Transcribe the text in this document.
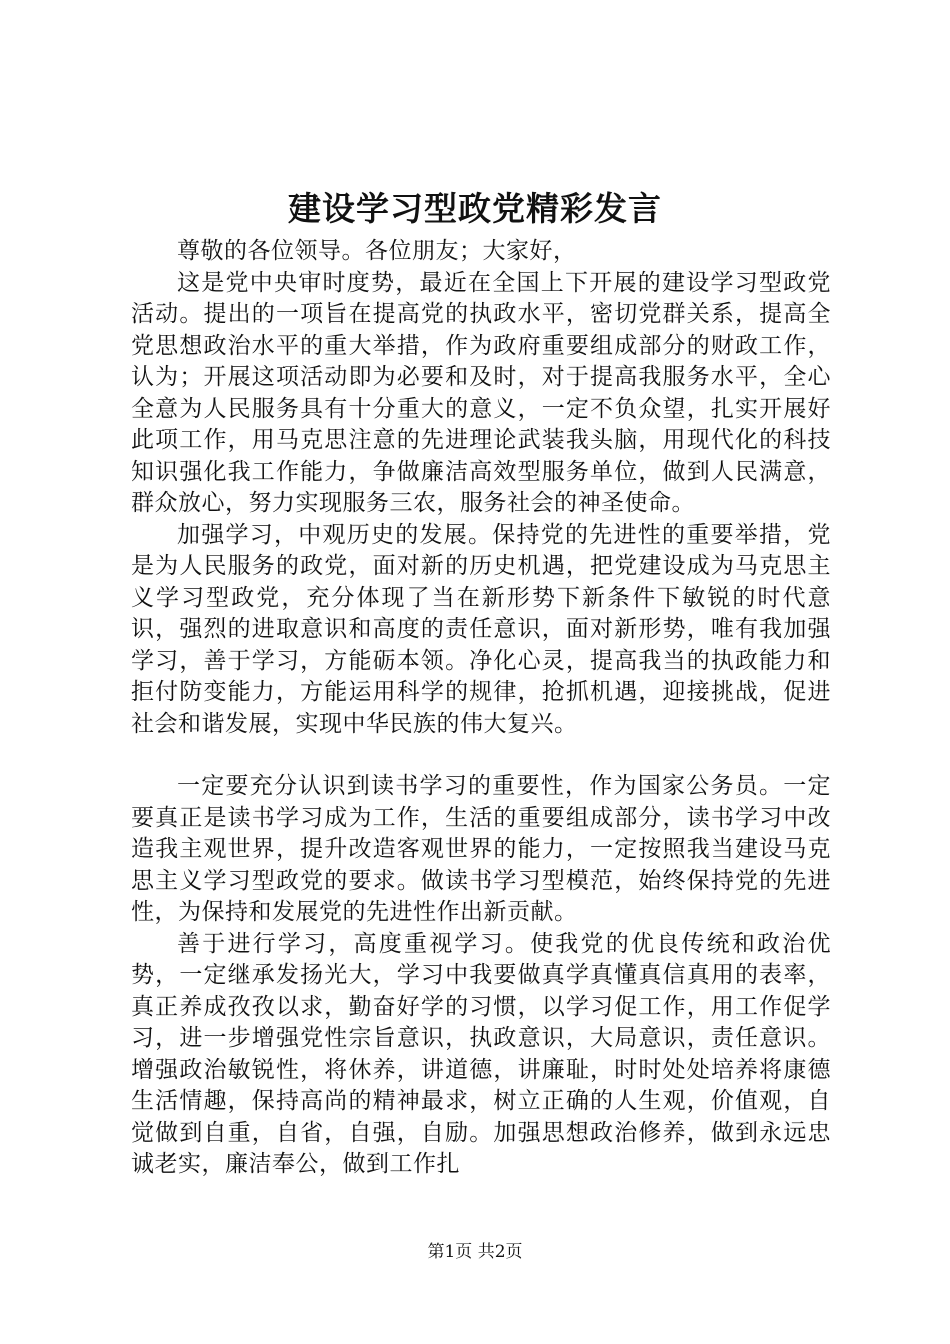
建设学习型政党精彩发言

尊敬的各位领导。各位朋友；大家好，

这是党中央审时度势，最近在全国上下开展的建设学习型政党活动。提出的一项旨在提高党的执政水平，密切党群关系，提高全党思想政治水平的重大举措，作为政府重要组成部分的财政工作，认为；开展这项活动即为必要和及时，对于提高我服务水平，全心全意为人民服务具有十分重大的意义，一定不负众望，扎实开展好此项工作，用马克思注意的先进理论武装我头脑，用现代化的科技知识强化我工作能力，争做廉洁高效型服务单位，做到人民满意，群众放心，努力实现服务三农，服务社会的神圣使命。

加强学习，中观历史的发展。保持党的先进性的重要举措，党是为人民服务的政党，面对新的历史机遇，把党建设成为马克思主义学习型政党，充分体现了当在新形势下新条件下敏锐的时代意识，强烈的进取意识和高度的责任意识，面对新形势，唯有我加强学习，善于学习，方能砺本领。净化心灵，提高我当的执政能力和拒付防变能力，方能运用科学的规律，抢抓机遇，迎接挑战，促进社会和谐发展，实现中华民族的伟大复兴。

一定要充分认识到读书学习的重要性，作为国家公务员。一定要真正是读书学习成为工作，生活的重要组成部分，读书学习中改造我主观世界，提升改造客观世界的能力，一定按照我当建设马克思主义学习型政党的要求。做读书学习型模范，始终保持党的先进性，为保持和发展党的先进性作出新贡献。

善于进行学习，高度重视学习。使我党的优良传统和政治优势，一定继承发扬光大，学习中我要做真学真懂真信真用的表率，真正养成孜孜以求，勤奋好学的习惯，以学习促工作，用工作促学习，进一步增强党性宗旨意识，执政意识，大局意识，责任意识。增强政治敏锐性，将休养，讲道德，讲廉耻，时时处处培养将康德生活情趣，保持高尚的精神最求，树立正确的人生观，价值观，自觉做到自重，自省，自强，自励。加强思想政治修养，做到永远忠诚老实，廉洁奉公，做到工作扎

第1页 共2页
